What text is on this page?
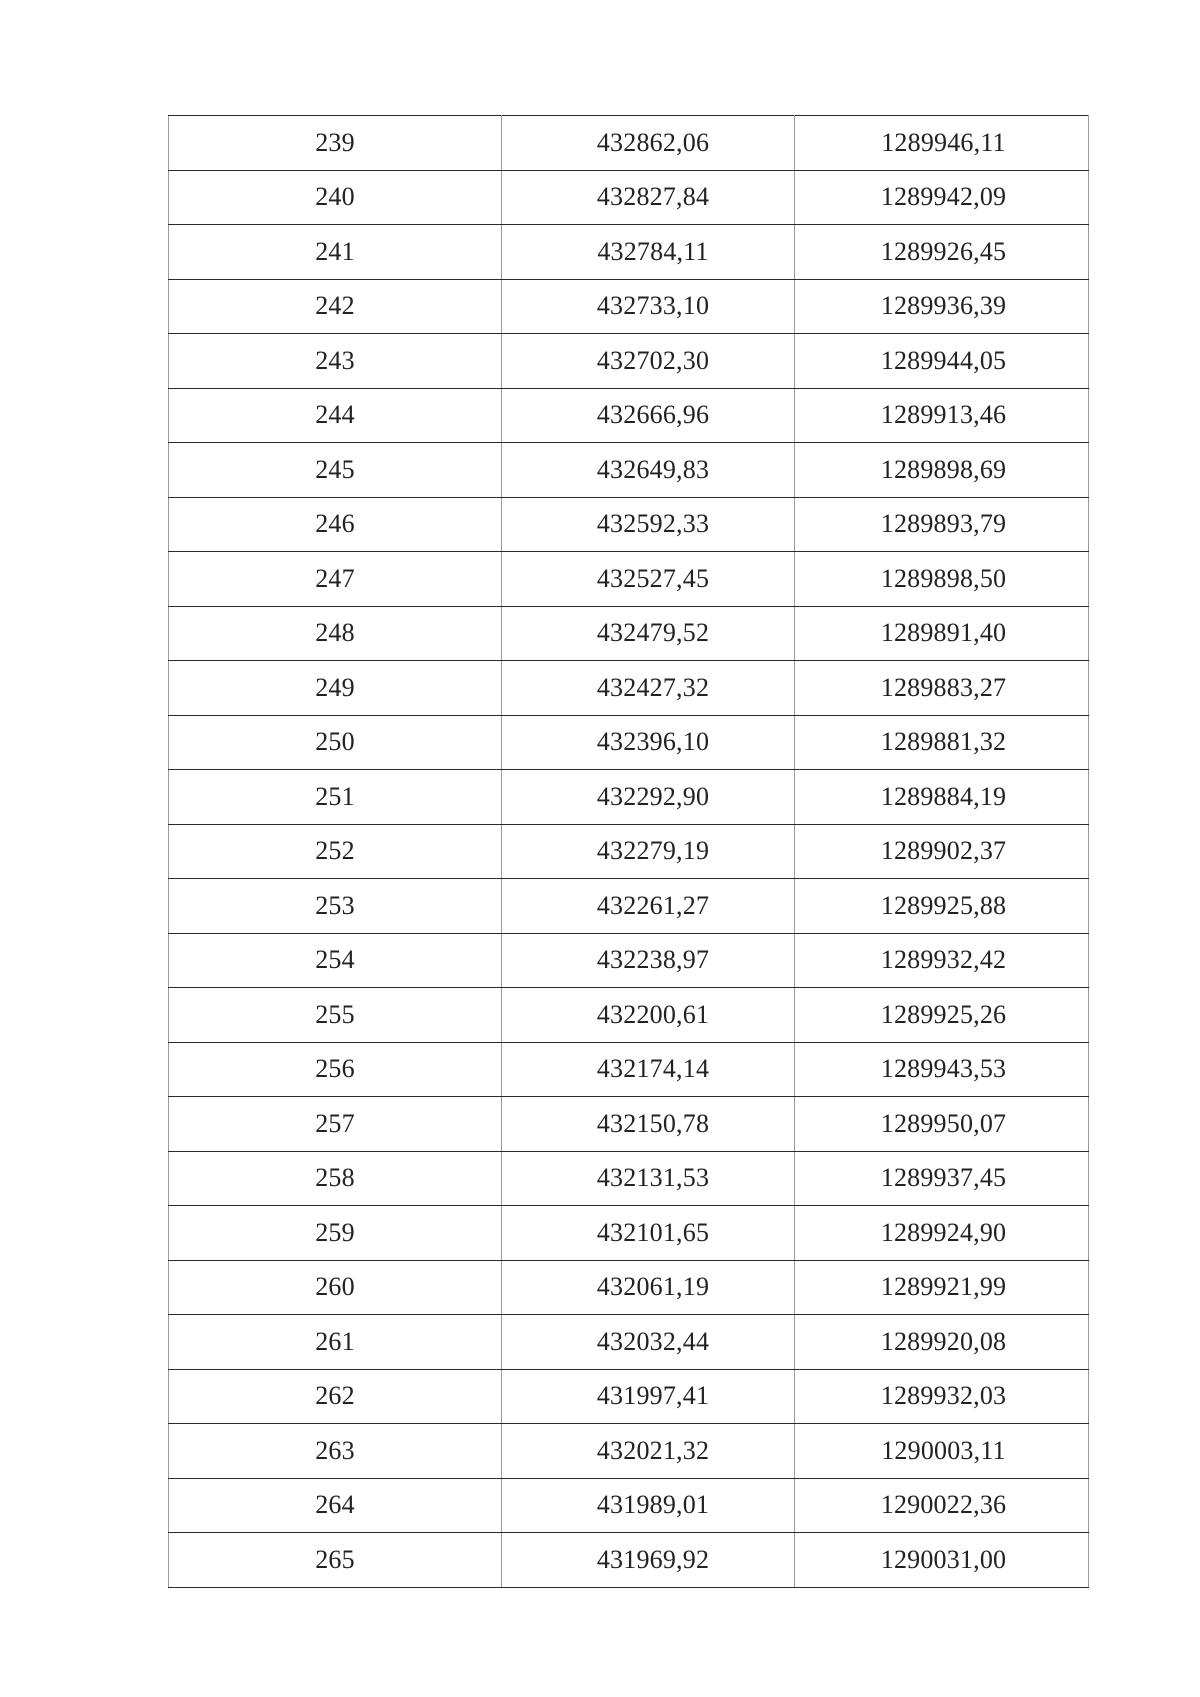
239	432862,06	1289946,11
240	432827,84	1289942,09
241	432784,11	1289926,45
242	432733,10	1289936,39
243	432702,30	1289944,05
244	432666,96	1289913,46
245	432649,83	1289898,69
246	432592,33	1289893,79
247	432527,45	1289898,50
248	432479,52	1289891,40
249	432427,32	1289883,27
250	432396,10	1289881,32
251	432292,90	1289884,19
252	432279,19	1289902,37
253	432261,27	1289925,88
254	432238,97	1289932,42
255	432200,61	1289925,26
256	432174,14	1289943,53
257	432150,78	1289950,07
258	432131,53	1289937,45
259	432101,65	1289924,90
260	432061,19	1289921,99
261	432032,44	1289920,08
262	431997,41	1289932,03
263	432021,32	1290003,11
264	431989,01	1290022,36
265	431969,92	1290031,00
